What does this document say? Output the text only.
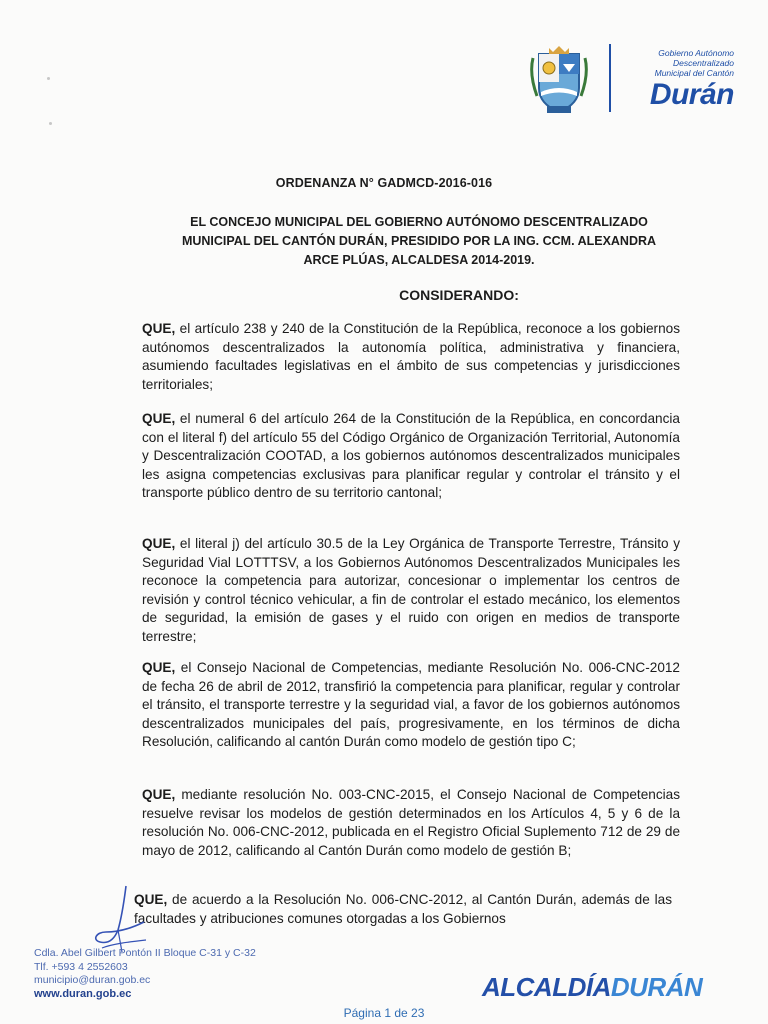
Gobierno Autónomo
Descentralizado
Municipal del Cantón
Durán
ORDENANZA N° GADMCD-2016-016
EL CONCEJO MUNICIPAL DEL GOBIERNO AUTÓNOMO DESCENTRALIZADO
MUNICIPAL DEL CANTÓN DURÁN, PRESIDIDO POR LA ING. CCM. ALEXANDRA
ARCE PLÚAS, ALCALDESA 2014-2019.
CONSIDERANDO:

QUE, el artículo 238 y 240 de la Constitución de la República, reconoce a los gobiernos autónomos descentralizados la autonomía política, administrativa y financiera, asumiendo facultades legislativas en el ámbito de sus competencias y jurisdicciones territoriales;

QUE, el numeral 6 del artículo 264 de la Constitución de la República, en concordancia con el literal f) del artículo 55 del Código Orgánico de Organización Territorial, Autonomía y Descentralización COOTAD, a los gobiernos autónomos descentralizados municipales les asigna competencias exclusivas para planificar regular y controlar el tránsito y el transporte público dentro de su territorio cantonal;

QUE, el literal j) del artículo 30.5 de la Ley Orgánica de Transporte Terrestre, Tránsito y Seguridad Vial LOTTTSV, a los Gobiernos Autónomos Descentralizados Municipales les reconoce la competencia para autorizar, concesionar o implementar los centros de revisión y control técnico vehicular, a fin de controlar el estado mecánico, los elementos de seguridad, la emisión de gases y el ruido con origen en medios de transporte terrestre;

QUE, el Consejo Nacional de Competencias, mediante Resolución No. 006-CNC-2012 de fecha 26 de abril de 2012, transfirió la competencia para planificar, regular y controlar el tránsito, el transporte terrestre y la seguridad vial, a favor de los gobiernos autónomos descentralizados municipales del país, progresivamente, en los términos de dicha Resolución, calificando al cantón Durán como modelo de gestión tipo C;

QUE, mediante resolución No. 003-CNC-2015, el Consejo Nacional de Competencias resuelve revisar los modelos de gestión determinados en los Artículos 4, 5 y 6 de la resolución No. 006-CNC-2012, publicada en el Registro Oficial Suplemento 712 de 29 de mayo de 2012, calificando al Cantón Durán como modelo de gestión B;

QUE, de acuerdo a la Resolución No. 006-CNC-2012, al Cantón Durán, además de las facultades y atribuciones comunes otorgadas a los Gobiernos

Cdla. Abel Gilbert Pontón II Bloque C-31 y C-32
Tlf. +593 4 2552603
municipio@duran.gob.ec
www.duran.gob.ec	ALCALDÍADURÁN
Página 1 de 23
